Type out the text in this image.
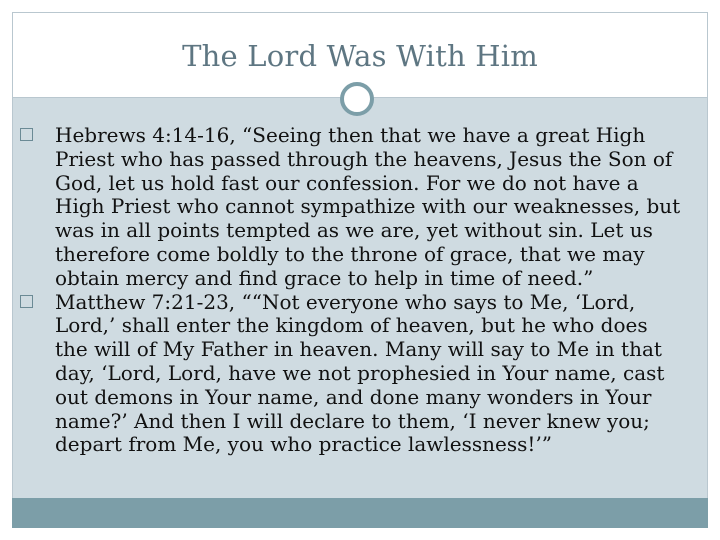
The Lord Was With Him
Hebrews 4:14-16, “Seeing then that we have a great High Priest who has passed through the heavens, Jesus the Son of God, let us hold fast our confession. For we do not have a High Priest who cannot sympathize with our weaknesses, but was in all points tempted as we are, yet without sin. Let us therefore come boldly to the throne of grace, that we may obtain mercy and find grace to help in time of need.”
Matthew 7:21-23, ““Not everyone who says to Me, ‘Lord, Lord,’ shall enter the kingdom of heaven, but he who does the will of My Father in heaven. Many will say to Me in that day, ‘Lord, Lord, have we not prophesied in Your name, cast out demons in Your name, and done many wonders in Your name?’ And then I will declare to them, ‘I never knew you; depart from Me, you who practice lawlessness!’”
